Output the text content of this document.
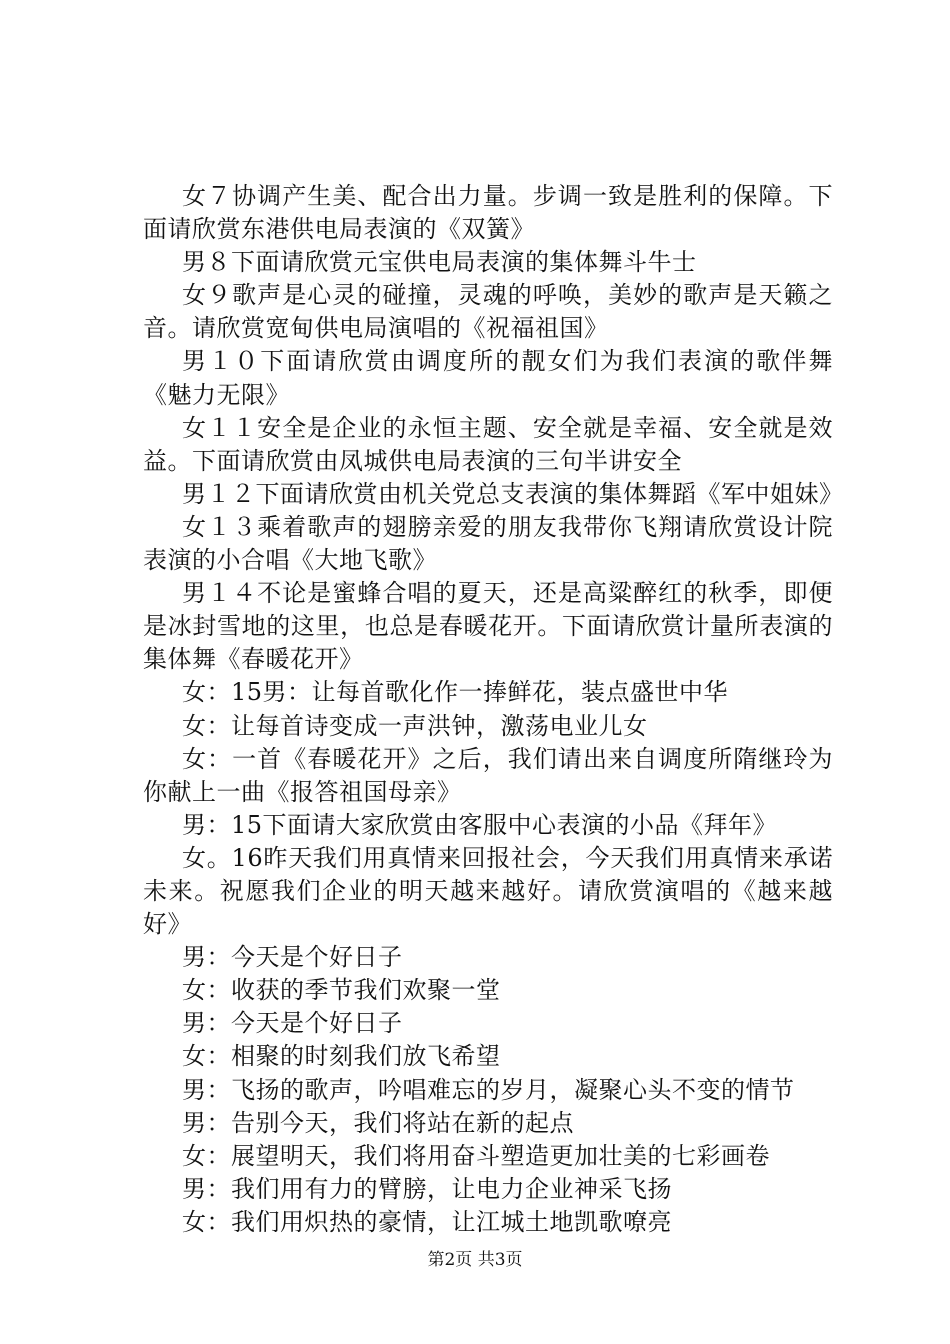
女７协调产生美、配合出力量。步调一致是胜利的保障。下面请欣赏东港供电局表演的《双簧》

男８下面请欣赏元宝供电局表演的集体舞斗牛士

女９歌声是心灵的碰撞，灵魂的呼唤，美妙的歌声是天籁之音。请欣赏宽甸供电局演唱的《祝福祖国》

男１０下面请欣赏由调度所的靓女们为我们表演的歌伴舞《魅力无限》

女１１安全是企业的永恒主题、安全就是幸福、安全就是效益。下面请欣赏由凤城供电局表演的三句半讲安全

男１２下面请欣赏由机关党总支表演的集体舞蹈《军中姐妹》

女１３乘着歌声的翅膀亲爱的朋友我带你飞翔请欣赏设计院表演的小合唱《大地飞歌》

男１４不论是蜜蜂合唱的夏天，还是高粱醉红的秋季，即便是冰封雪地的这里，也总是春暖花开。下面请欣赏计量所表演的集体舞《春暖花开》

女：15男：让每首歌化作一捧鲜花，装点盛世中华

女：让每首诗变成一声洪钟，激荡电业儿女

女：一首《春暖花开》之后，我们请出来自调度所隋继玲为你献上一曲《报答祖国母亲》

男：15下面请大家欣赏由客服中心表演的小品《拜年》

女。16昨天我们用真情来回报社会，今天我们用真情来承诺未来。祝愿我们企业的明天越来越好。请欣赏演唱的《越来越好》

男：今天是个好日子

女：收获的季节我们欢聚一堂

男：今天是个好日子

女：相聚的时刻我们放飞希望

男：飞扬的歌声，吟唱难忘的岁月，凝聚心头不变的情节

男：告别今天，我们将站在新的起点

女：展望明天，我们将用奋斗塑造更加壮美的七彩画卷

男：我们用有力的臂膀，让电力企业神采飞扬

女：我们用炽热的豪情，让江城土地凯歌嘹亮

第2页 共3页
